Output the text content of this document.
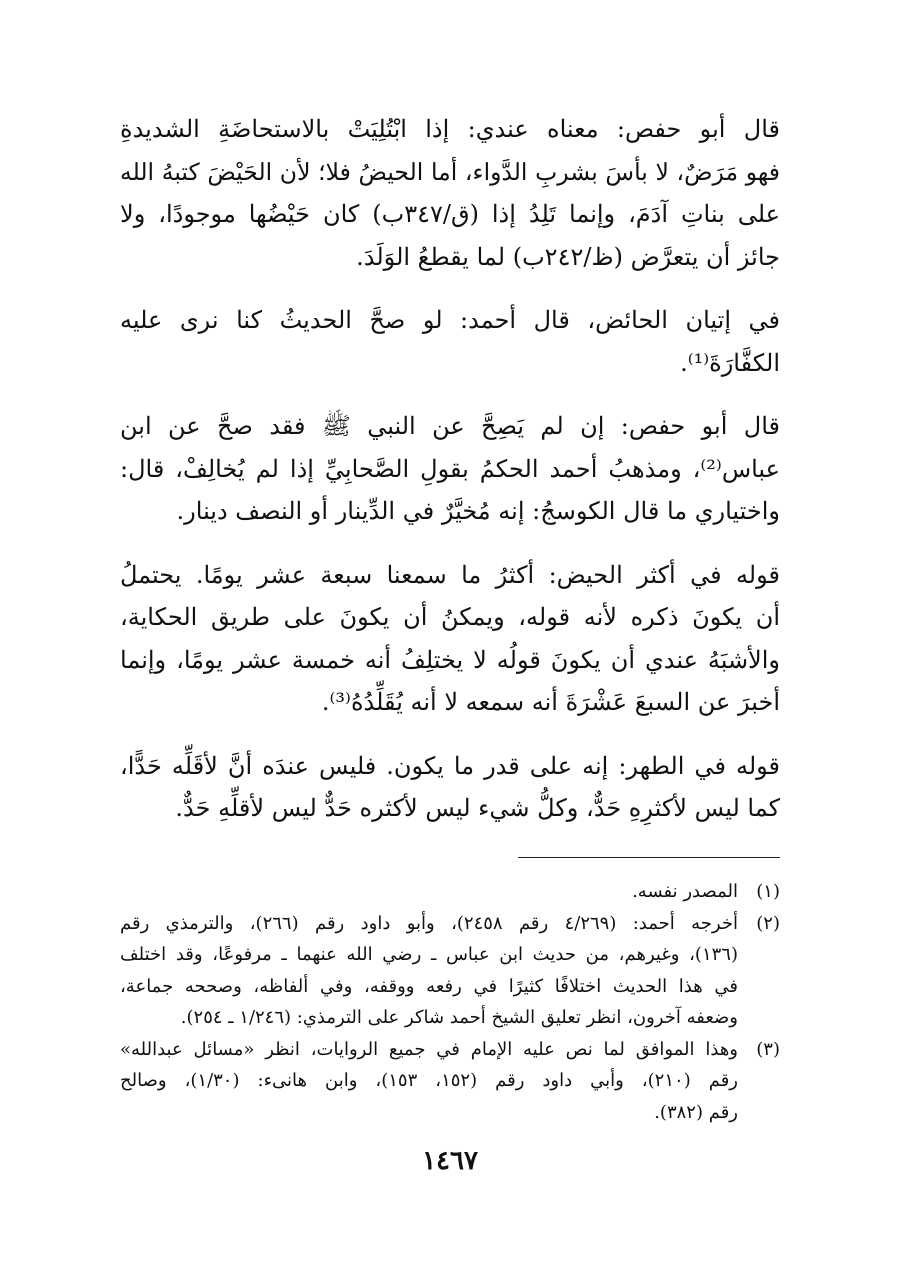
قال أبو حفص: معناه عندي: إذا ابْتُلِيَتْ بالاستحاضَةِ الشديدةِ
فهو مَرَضٌ، لا بأسَ بشربِ الدَّواء، أما الحيضُ فلا؛ لأن الحَيْضَ كتبهُ الله
على بناتِ آدَمَ، وإنما تَلِدُ إذا (ق/٣٤٧ب) كان حَيْضُها موجودًا، ولا
جائز أن يتعرَّض (ظ/٢٤٢ب) لما يقطعُ الوَلَدَ.

في إتيان الحائض، قال أحمد: لو صحَّ الحديثُ كنا نرى عليه
الكفَّارَةَ⁽¹⁾.

قال أبو حفص: إن لم يَصِحَّ عن النبي ﷺ فقد صحَّ عن ابن
عباس⁽²⁾، ومذهبُ أحمد الحكمُ بقولِ الصَّحابِيِّ إذا لم يُخالِفْ، قال:
واختياري ما قال الكوسجُ: إنه مُخيَّرٌ في الدِّينار أو النصف دينار.

قوله في أكثر الحيض: أكثرُ ما سمعنا سبعة عشر يومًا. يحتملُ
أن يكونَ ذكره لأنه قوله، ويمكنُ أن يكونَ على طريق الحكاية،
والأشبَهُ عندي أن يكونَ قولُه لا يختلِفُ أنه خمسة عشر يومًا، وإنما
أخبرَ عن السبعَ عَشْرَةَ أنه سمعه لا أنه يُقَلِّدُهُ⁽³⁾.

قوله في الطهر: إنه على قدر ما يكون. فليس عندَه أنَّ لأقَلِّه حَدًّا،
كما ليس لأكثرِهِ حَدٌّ، وكلُّ شيء ليس لأكثره حَدٌّ ليس لأقلِّهِ حَدٌّ.

(١)
المصدر نفسه.
(٢)
أخرجه أحمد: (٤/٢٦٩ رقم ٢٤٥٨)، وأبو داود رقم (٢٦٦)، والترمذي رقم
(١٣٦)، وغيرهم، من حديث ابن عباس ـ رضي الله عنهما ـ مرفوعًا، وقد اختلف
في هذا الحديث اختلافًا كثيرًا في رفعه ووقفه، وفي ألفاظه، وصححه جماعة،
وضعفه آخرون، انظر تعليق الشيخ أحمد شاكر على الترمذي: (١/٢٤٦ ـ ٢٥٤).
(٣)
وهذا الموافق لما نص عليه الإمام في جميع الروايات، انظر «مسائل عبدالله»
رقم (٢١٠)، وأبي داود رقم (١٥٢، ١٥٣)، وابن هانىء: (١/٣٠)، وصالح
رقم (٣٨٢).
١٤٦٧
